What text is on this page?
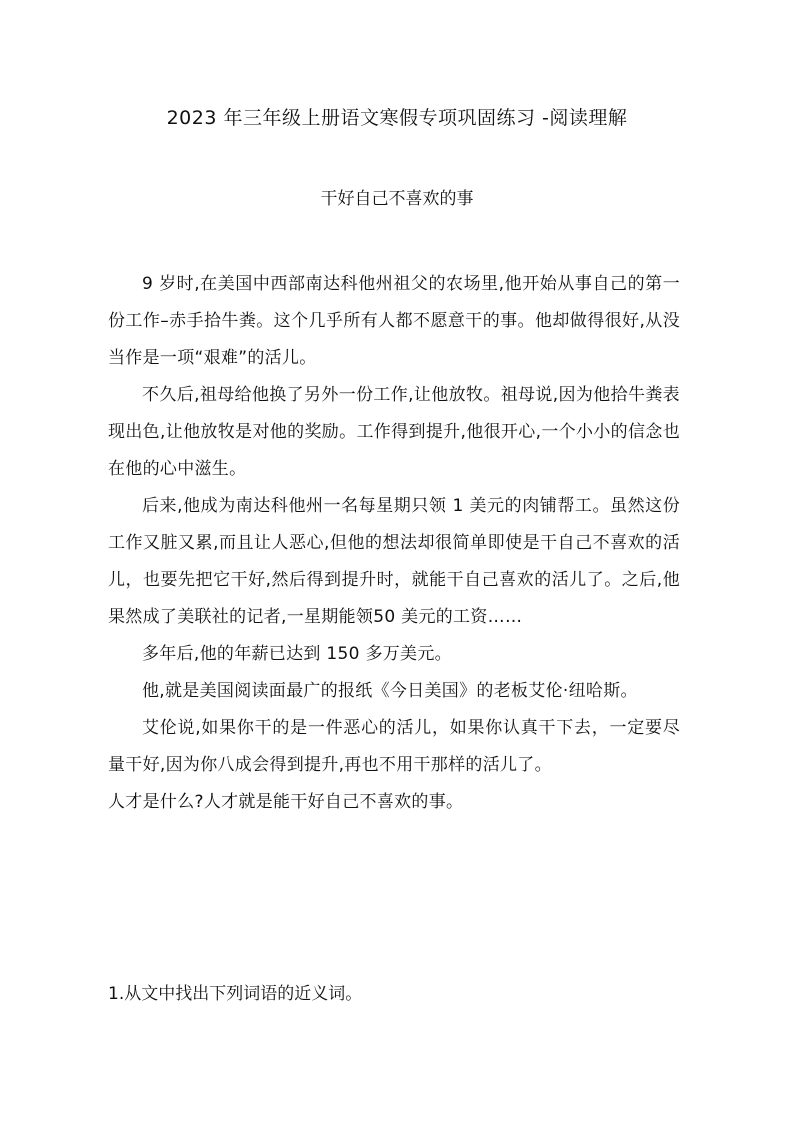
2023 年三年级上册语文寒假专项巩固练习 -阅读理解
干好自己不喜欢的事

9 岁时,在美国中西部南达科他州祖父的农场里,他开始从事自己的第一份工作–赤手拾牛粪。这个几乎所有人都不愿意干的事。他却做得很好,从没当作是一项“艰难”的活儿。

不久后,祖母给他换了另外一份工作,让他放牧。祖母说,因为他拾牛粪表现出色,让他放牧是对他的奖励。工作得到提升,他很开心,一个小小的信念也在他的心中滋生。

后来,他成为南达科他州一名每星期只领 1 美元的肉铺帮工。虽然这份工作又脏又累,而且让人恶心,但他的想法却很简单即使是干自己不喜欢的活儿，也要先把它干好,然后得到提升时，就能干自己喜欢的活儿了。之后,他果然成了美联社的记者,一星期能领50 美元的工资……

多年后,他的年薪已达到 150 多万美元。

他,就是美国阅读面最广的报纸《今日美国》的老板艾伦·纽哈斯。

艾伦说,如果你干的是一件恶心的活儿，如果你认真干下去，一定要尽量干好,因为你八成会得到提升,再也不用干那样的活儿了。

人才是什么?人才就是能干好自己不喜欢的事。

1.从文中找出下列词语的近义词。
